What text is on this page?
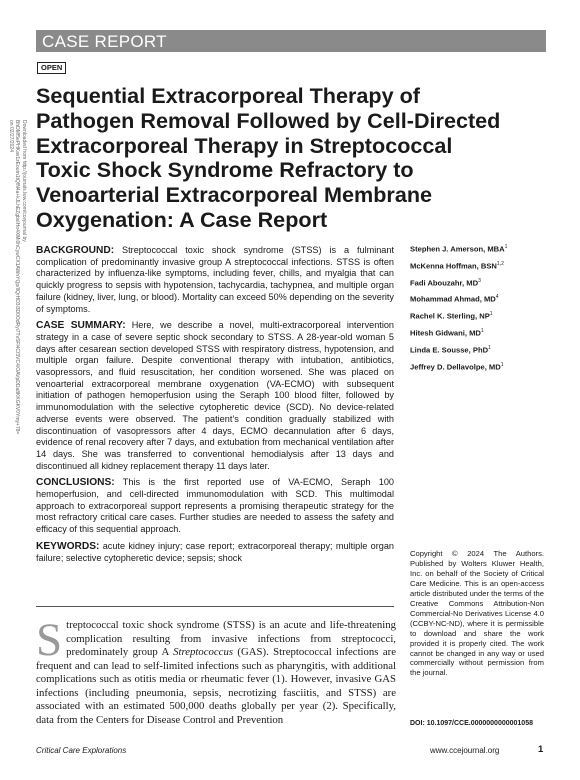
CASE REPORT
OPEN
Sequential Extracorporeal Therapy of Pathogen Removal Followed by Cell-Directed Extracorporeal Therapy in Streptococcal Toxic Shock Syndrome Refractory to Venoarterial Extracorporeal Membrane Oxygenation: A Case Report
Downloaded from http://journals.lww.com/ccejournal by BhDMf5ePHKav1zEoum1tQfN4a+kJLhEZgbsIHo4XMi0hCywCX1AWnYQp/IlQrHD3i3D0OdRyi7TvSFl4Cf3VC4/OAVpDDa8KKGKV0Ymy+78= on 02/27/2024

BACKGROUND: Streptococcal toxic shock syndrome (STSS) is a fulminant complication of predominantly invasive group A streptococcal infections. STSS is often characterized by influenza-like symptoms, including fever, chills, and myalgia that can quickly progress to sepsis with hypotension, tachycardia, tachypnea, and multiple organ failure (kidney, liver, lung, or blood). Mortality can exceed 50% depending on the severity of symptoms.

CASE SUMMARY: Here, we describe a novel, multi-extracorporeal intervention strategy in a case of severe septic shock secondary to STSS. A 28-year-old woman 5 days after cesarean section developed STSS with respiratory distress, hypotension, and multiple organ failure. Despite conventional therapy with intubation, antibiotics, vasopressors, and fluid resuscitation, her condition worsened. She was placed on venoarterial extracorporeal membrane oxygenation (VA-ECMO) with subsequent initiation of pathogen hemoperfusion using the Seraph 100 blood filter, followed by immunomodulation with the selective cytopheretic device (SCD). No device-related adverse events were observed. The patient’s condition gradually stabilized with discontinuation of vasopressors after 4 days, ECMO decannulation after 6 days, evidence of renal recovery after 7 days, and extubation from mechanical ventilation after 14 days. She was transferred to conventional hemodialysis after 13 days and discontinued all kidney replacement therapy 11 days later.

CONCLUSIONS: This is the first reported use of VA-ECMO, Seraph 100 hemoperfusion, and cell-directed immunomodulation with SCD. This multimodal approach to extracorporeal support represents a promising therapeutic strategy for the most refractory critical care cases. Further studies are needed to assess the safety and efficacy of this sequential approach.

KEYWORDS: acute kidney injury; case report; extracorporeal therapy; multiple organ failure; selective cytopheretic device; sepsis; shock

Stephen J. Amerson, MBA$^1$
McKenna Hoffman, BSN$^{1,2}$
Fadi Abouzahr, $MD^3$
Mohammad Ahmad, $MD^4$
Rachel K. Sterling, $NP^1$
Hitesh Gidwani, $MD^1$
Linda E. Sousse, PhD$^1$
Jeffrey D. Dellavolpe, $MD^1$
Copyright © 2024 The Authors. Published by Wolters Kluwer Health, Inc. on behalf of the Society of Critical Care Medicine. This is an open-access article distributed under the terms of the Creative Commons Attribution-Non Commercial-No Derivatives License 4.0 (CCBY-NC-ND), where it is permissible to download and share the work provided it is properly cited. The work cannot be changed in any way or used commercially without permission from the journal.
DOI: 10.1097/CCE.0000000000001058

Streptococcal toxic shock syndrome (STSS) is an acute and life-threatening complication resulting from invasive infections from streptococci, predominately group A Streptococcus (GAS). Streptococcal infections are frequent and can lead to self-limited infections such as pharyngitis, with additional complications such as otitis media or rheumatic fever (1). However, invasive GAS infections (including pneumonia, sepsis, necrotizing fasciitis, and STSS) are associated with an estimated 500,000 deaths globally per year (2). Specifically, data from the Centers for Disease Control and Prevention

Critical Care Explorations	www.ccejournal.org	1
